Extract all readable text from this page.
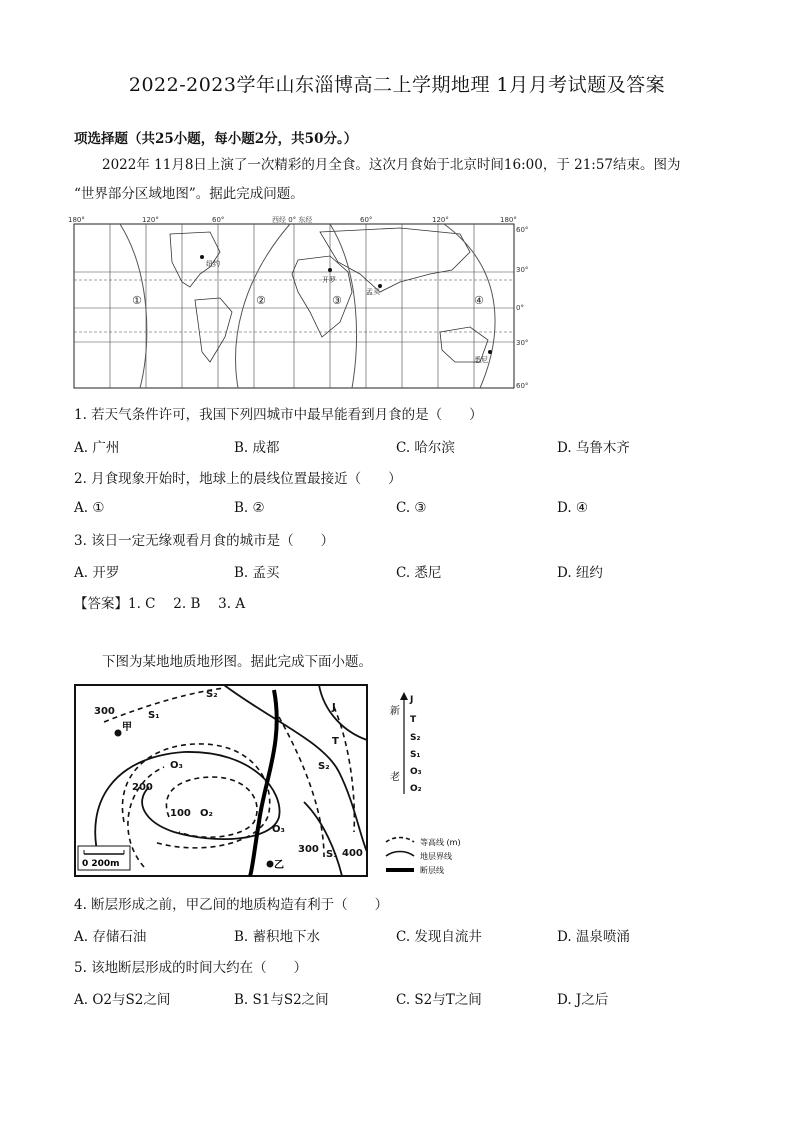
2022-2023学年山东淄博高二上学期地理 1月月考试题及答案
项选择题（共25小题，每小题2分，共50分。）
2022年 11月8日上演了一次精彩的月全食。这次月食始于北京时间16:00，于 21:57结束。图为
“世界部分区域地图”。据此完成问题。
180°	120°	60°	西经 0° 东经	60°	120°	180°
60°
30°
0°
30°
60°
①	②	③	④
纽约
开罗
孟买
悉尼
1. 若天气条件许可，我国下列四城市中最早能看到月食的是（　　）
A. 广州	B. 成都	C. 哈尔滨	D. 乌鲁木齐
2. 月食现象开始时，地球上的晨线位置最接近（　　）
A. ①	B. ②	C. ③	D. ④
3. 该日一定无缘观看月食的城市是（　　）
A. 开罗	B. 孟买	C. 悉尼	D. 纽约
【答案】1. C　 2. B　 3. A
下图为某地地质地形图。据此完成下面小题。
300
200
100
300 400
S₂
S₁
J
T
O₃
O₂
S₂
O₃
S₁
甲
乙
0 200m
新
老
J
T
S₂
S₁
O₃
O₂
等高线 (m)
地层界线
断层线
4. 断层形成之前，甲乙间的地质构造有利于（　　）
A. 存储石油	B. 蓄积地下水	C. 发现自流井	D. 温泉喷涌
5. 该地断层形成的时间大约在（　　）
A. O2与S2之间	B. S1与S2之间	C. S2与T之间	D. J之后
